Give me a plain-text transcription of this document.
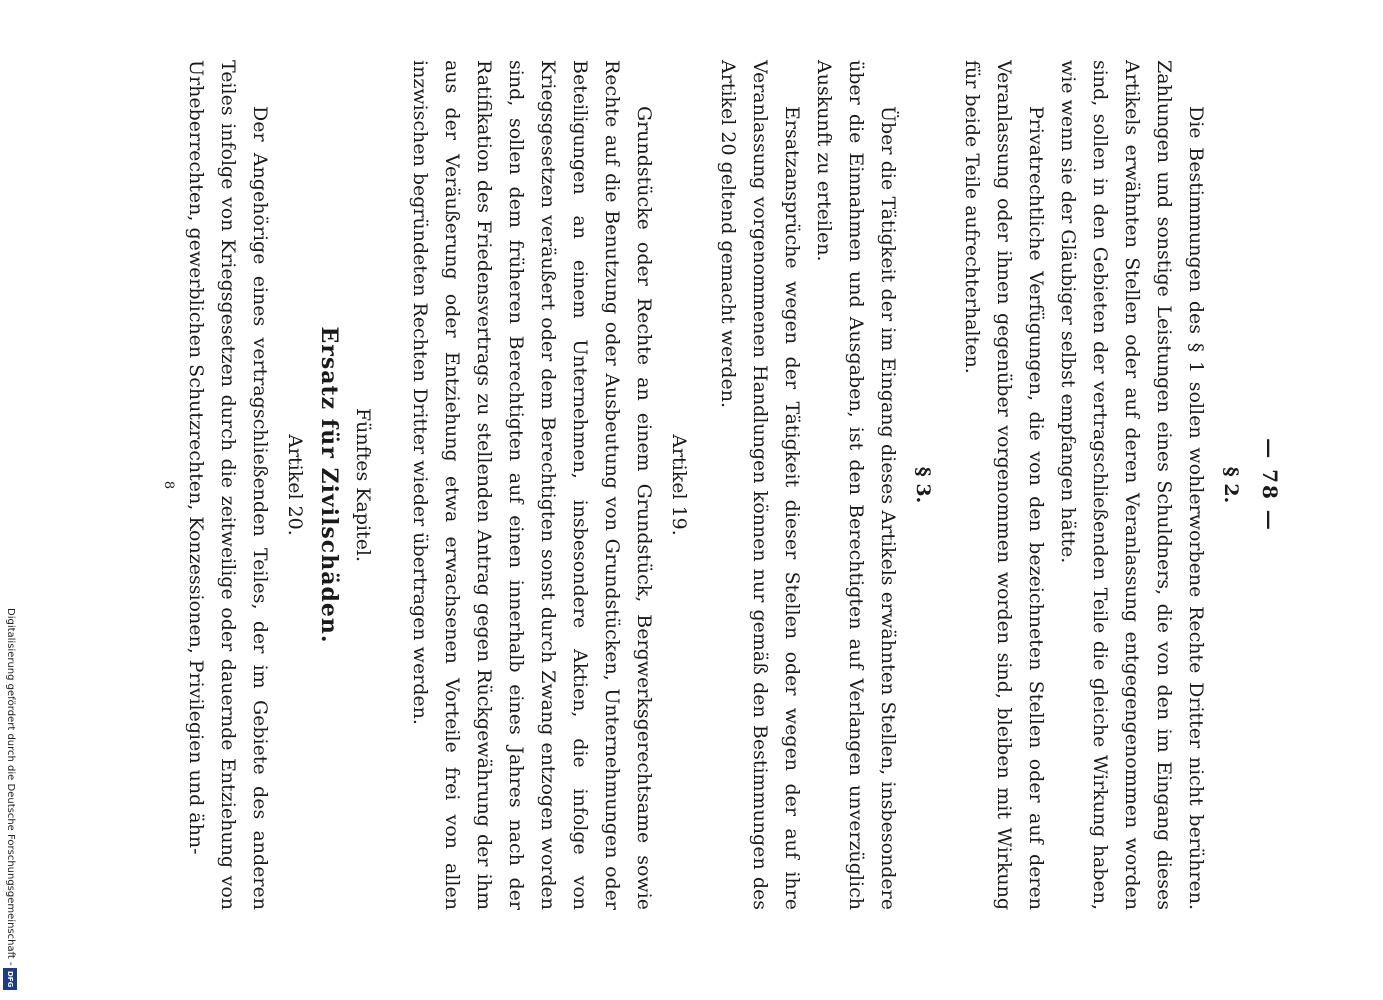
— 78 —
§ 2.

Die Bestimmungen des § 1 sollen wohlerworbene Rechte Dritter nicht berühren. Zahlungen und sonstige Leistungen eines Schuldners, die von den im Eingang dieses Artikels erwähnten Stellen oder auf deren Veranlassung entgegengenommen worden sind, sollen in den Gebieten der vertragschließenden Teile die gleiche Wirkung haben, wie wenn sie der Gläubiger selbst empfangen hätte.

Privatrechtliche Verfügungen, die von den bezeichneten Stellen oder auf deren Veranlassung oder ihnen gegenüber vorgenommen worden sind, bleiben mit Wirkung für beide Teile aufrechterhalten.

§ 3.

Über die Tätigkeit der im Eingang dieses Artikels erwähnten Stellen, insbesondere über die Einnahmen und Ausgaben, ist den Berechtigten auf Verlangen unverzüglich Auskunft zu erteilen.

Ersatzansprüche wegen der Tätigkeit dieser Stellen oder wegen der auf ihre Veranlassung vorgenommenen Handlungen können nur gemäß den Bestimmungen des Artikel 20 geltend gemacht werden.

Artikel 19.

Grundstücke oder Rechte an einem Grundstück, Bergwerksgerechtsame sowie Rechte auf die Benutzung oder Ausbeutung von Grundstücken, Unternehmungen oder Beteiligungen an einem Unternehmen, insbesondere Aktien, die infolge von Kriegsgesetzen veräußert oder dem Berechtigten sonst durch Zwang entzogen worden sind, sollen dem früheren Berechtigten auf einen innerhalb eines Jahres nach der Ratifikation des Friedensvertrags zu stellenden Antrag gegen Rückgewährung der ihm aus der Veräußerung oder Entziehung etwa erwachsenen Vorteile frei von allen inzwischen begründeten Rechten Dritter wieder übertragen werden.

Fünftes Kapitel.
Ersatz für Zivilschäden.
Artikel 20.

Der Angehörige eines vertragschließenden Teiles, der im Gebiete des anderen Teiles infolge von Kriegsgesetzen durch die zeitweilige oder dauernde Entziehung von Urheberrechten, gewerblichen Schutzrechten, Konzessionen, Privilegien und ähn-

8
Digitalisierung gefördert durch die Deutsche Forschungsgemeinschaft -
DFG
